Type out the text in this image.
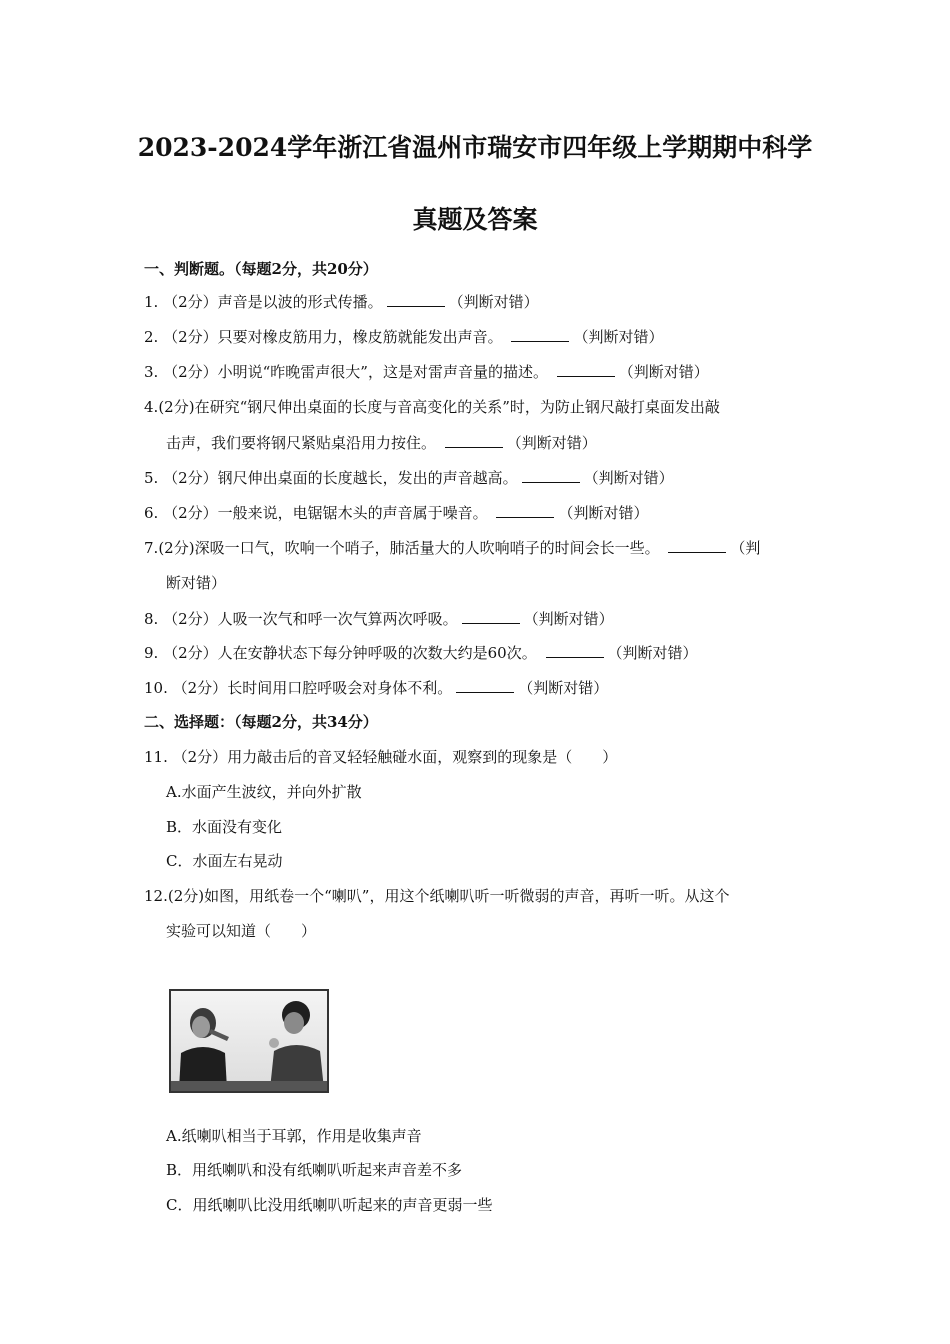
2023-2024学年浙江省温州市瑞安市四年级上学期期中科学
真题及答案
一、判断题。（每题2分，共20分）
1. （2分）声音是以波的形式传播。	（判断对错）
2. （2分）只要对橡皮筋用力，橡皮筋就能发出声音。	（判断对错）
3. （2分）小明说“昨晚雷声很大”，这是对雷声音量的描述。	（判断对错）
4.(2分)在研究“钢尺伸出桌面的长度与音高变化的关系”时，为防止钢尺敲打桌面发出敲
击声，我们要将钢尺紧贴桌沿用力按住。	（判断对错）
5. （2分）钢尺伸出桌面的长度越长，发出的声音越高。	（判断对错）
6. （2分）一般来说，电锯锯木头的声音属于噪音。	（判断对错）
7.(2分)深吸一口气，吹响一个哨子，肺活量大的人吹响哨子的时间会长一些。	（判
断对错）
8. （2分）人吸一次气和呼一次气算两次呼吸。	（判断对错）
9. （2分）人在安静状态下每分钟呼吸的次数大约是60次。	（判断对错）
10. （2分）长时间用口腔呼吸会对身体不利。	（判断对错）
二、选择题：（每题2分，共34分）
11. （2分）用力敲击后的音叉轻轻触碰水面，观察到的现象是（　　）
A.水面产生波纹，并向外扩散
B．水面没有变化
C．水面左右晃动
12.(2分)如图，用纸卷一个“喇叭”，用这个纸喇叭听一听微弱的声音，再听一听。从这个
实验可以知道（　　）
A.纸喇叭相当于耳郭，作用是收集声音
B．用纸喇叭和没有纸喇叭听起来声音差不多
C．用纸喇叭比没用纸喇叭听起来的声音更弱一些
